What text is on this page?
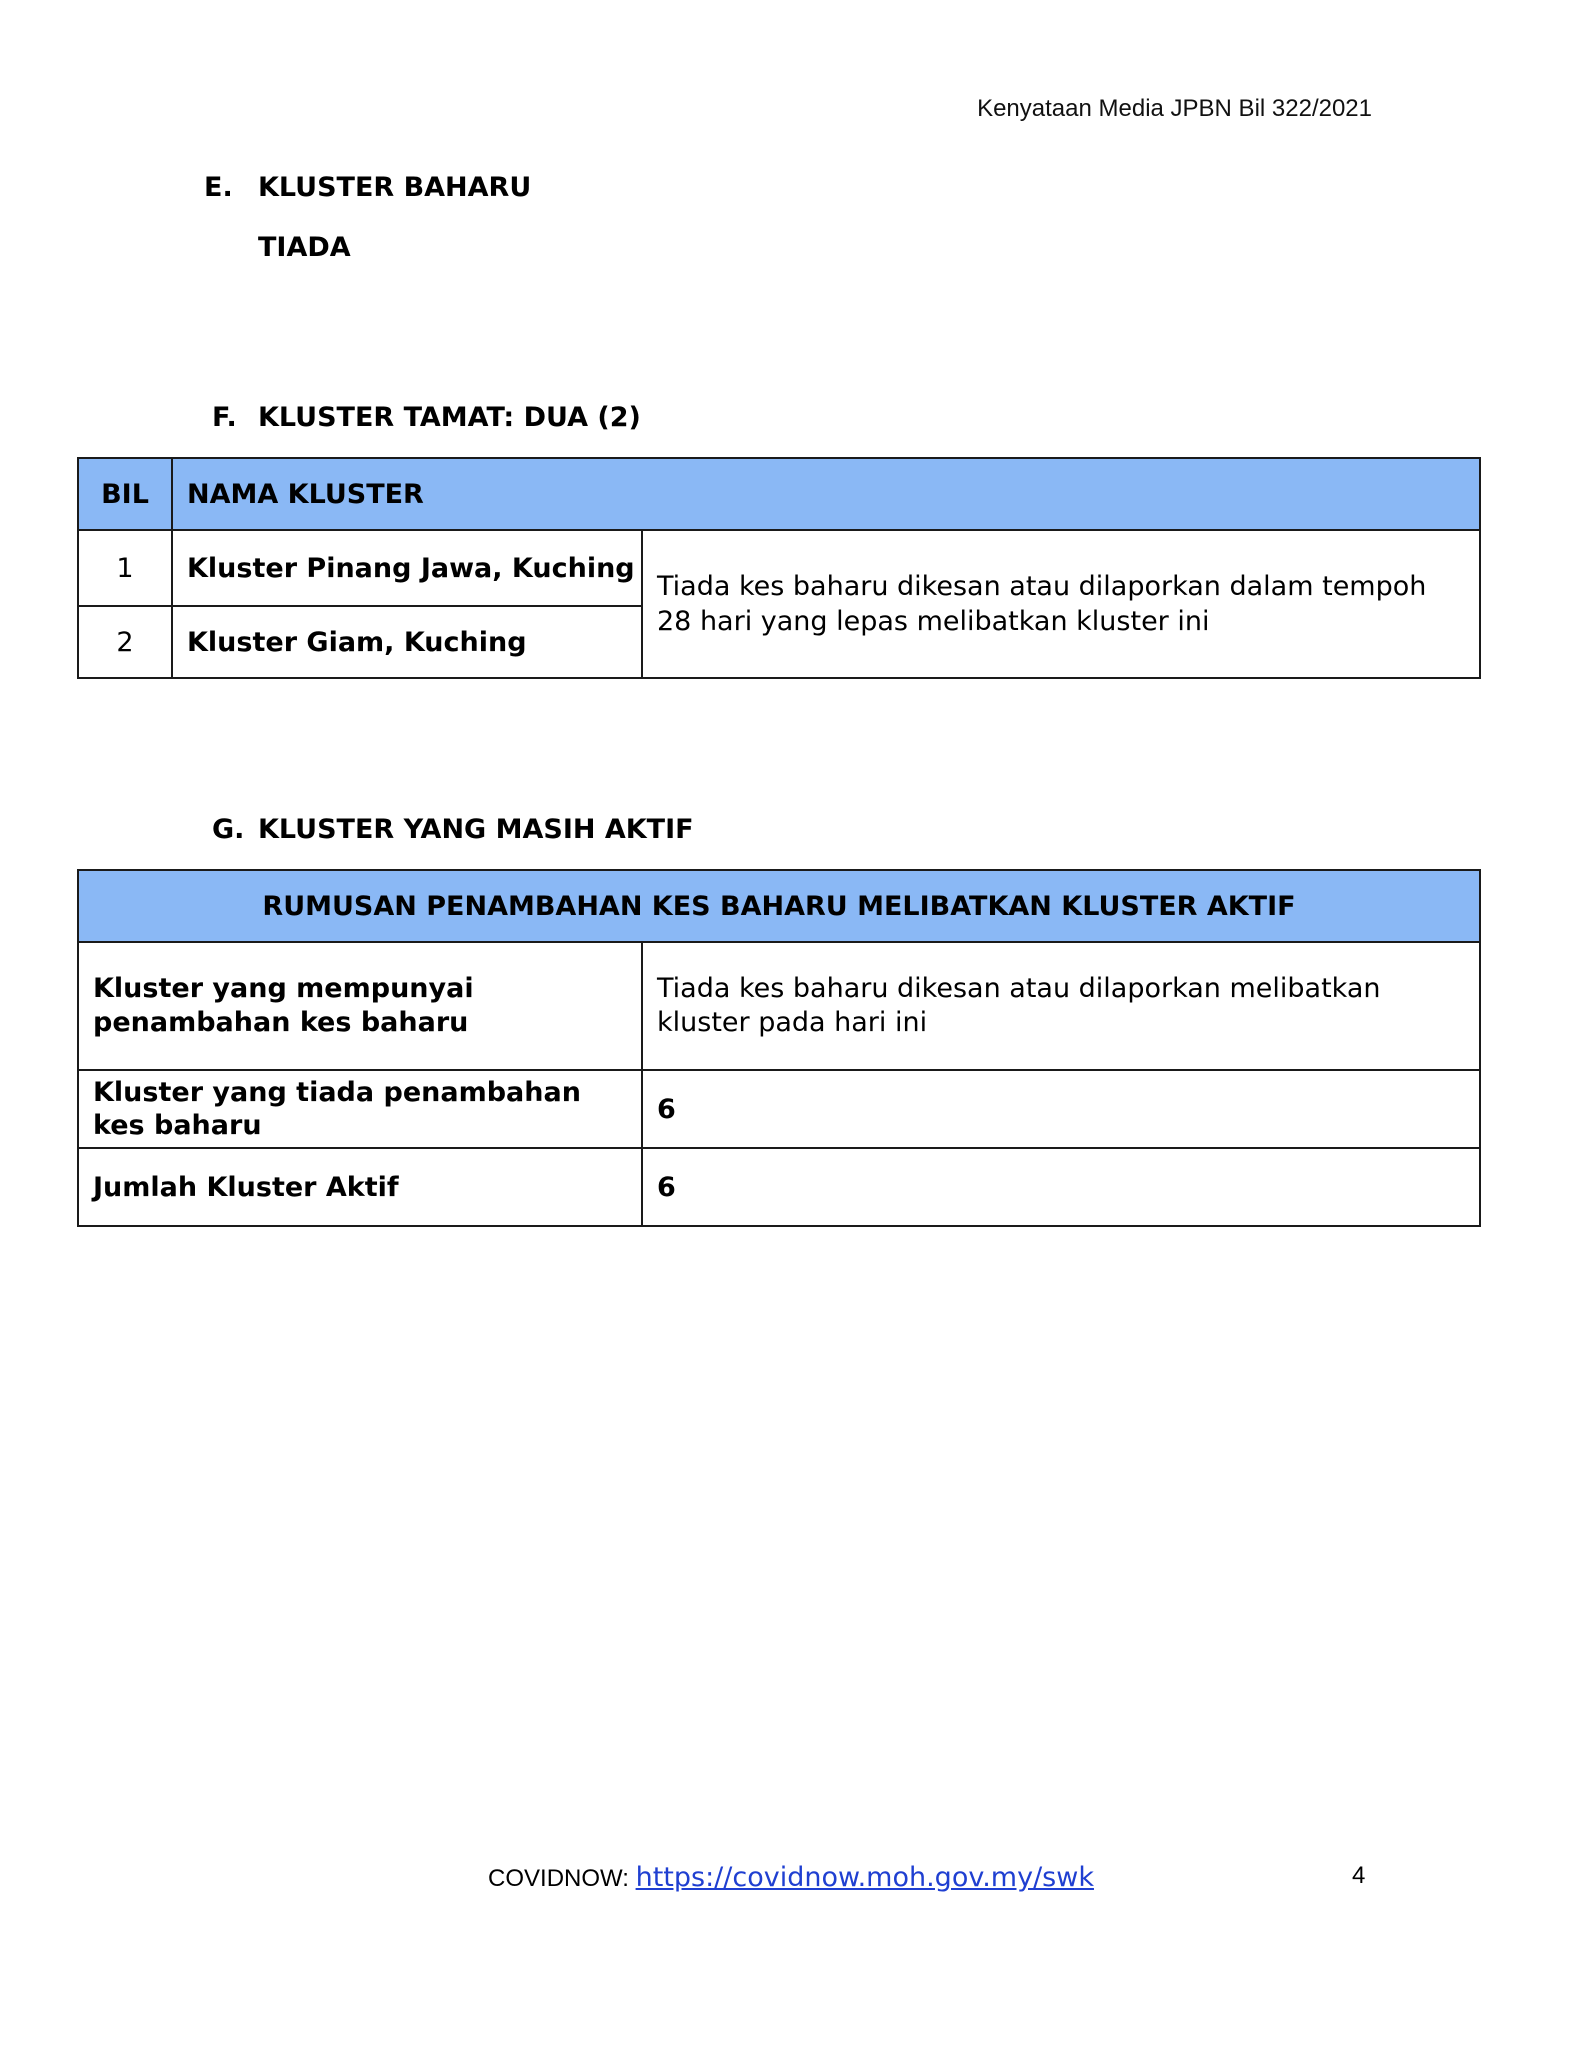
Kenyataan Media JPBN Bil 322/2021
E. KLUSTER BAHARU
TIADA
F. KLUSTER TAMAT: DUA (2)
BIL	NAMA KLUSTER	
1	Kluster Pinang Jawa, Kuching	Tiada kes baharu dikesan atau dilaporkan dalam tempoh 28 hari yang lepas melibatkan kluster ini
2	Kluster Giam, Kuching	
G. KLUSTER YANG MASIH AKTIF
RUMUSAN PENAMBAHAN KES BAHARU MELIBATKAN KLUSTER AKTIF	
Kluster yang mempunyai penambahan kes baharu	Tiada kes baharu dikesan atau dilaporkan melibatkan kluster pada hari ini
Kluster yang tiada penambahan kes baharu	6
Jumlah Kluster Aktif	6
COVIDNOW: https://covidnow.moh.gov.my/swk	4
